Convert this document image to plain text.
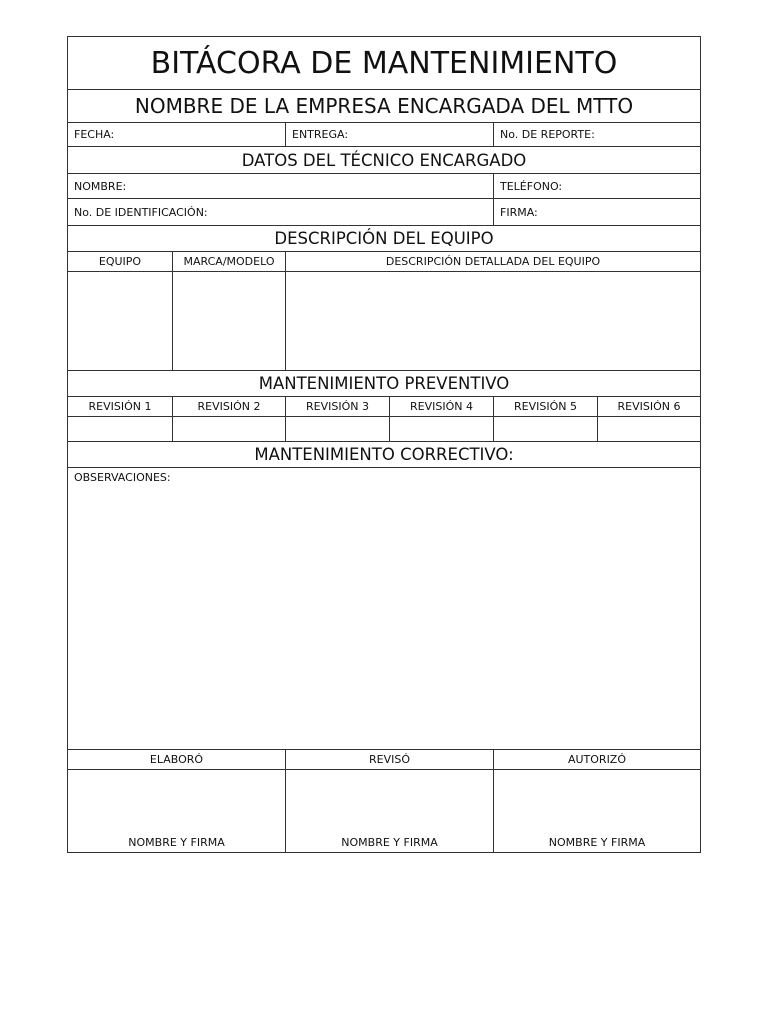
BITÁCORA DE MANTENIMIENTO
NOMBRE DE LA EMPRESA ENCARGADA DEL MTTO
FECHA:	ENTREGA:	No. DE REPORTE:
DATOS DEL TÉCNICO ENCARGADO
NOMBRE:	TELÉFONO:
No. DE IDENTIFICACIÓN:	FIRMA:
DESCRIPCIÓN DEL EQUIPO
EQUIPO	MARCA/MODELO	DESCRIPCIÓN DETALLADA DEL EQUIPO
MANTENIMIENTO PREVENTIVO
REVISIÓN 1	REVISIÓN 2	REVISIÓN 3	REVISIÓN 4	REVISIÓN 5	REVISIÓN 6
MANTENIMIENTO CORRECTIVO:
OBSERVACIONES:
ELABORÓ	REVISÓ	AUTORIZÓ
NOMBRE Y FIRMA	NOMBRE Y FIRMA	NOMBRE Y FIRMA
